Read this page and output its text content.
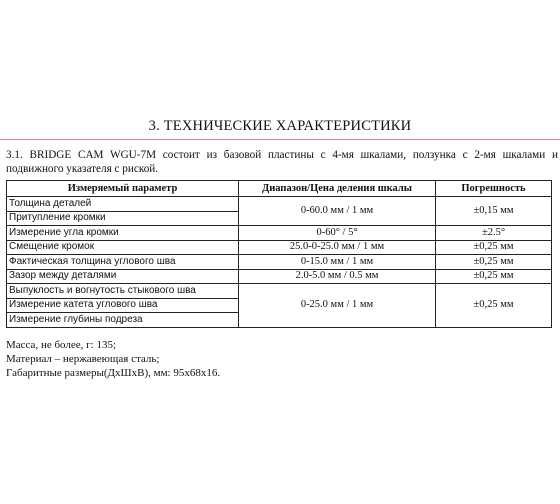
3. ТЕХНИЧЕСКИЕ ХАРАКТЕРИСТИКИ
3.1. BRIDGE CAM WGU-7M состоит из базовой пластины с 4-мя шкалами, ползунка с 2-мя шкалами и подвижного указателя с риской.
Измеряемый параметр	Диапазон/Цена деления шкалы	Погрешность
Толщина деталей	0-60.0 мм / 1 мм	±0,15 мм
Притупление кромки		
Измерение угла кромки	0-60° / 5°	±2.5°
Смещение кромок	25.0-0-25.0 мм / 1 мм	±0,25 мм
Фактическая толщина углового шва	0-15.0 мм / 1 мм	±0,25 мм
Зазор между деталями	2.0-5.0 мм / 0.5 мм	±0,25 мм
Выпуклость и вогнутость стыкового шва	0-25.0 мм / 1 мм	±0,25 мм
Измерение катета углового шва		
Измерение глубины подреза		
Масса, не более, г: 135;
Материал – нержавеющая сталь;
Габаритные размеры(ДхШхВ), мм: 95х68х16.
